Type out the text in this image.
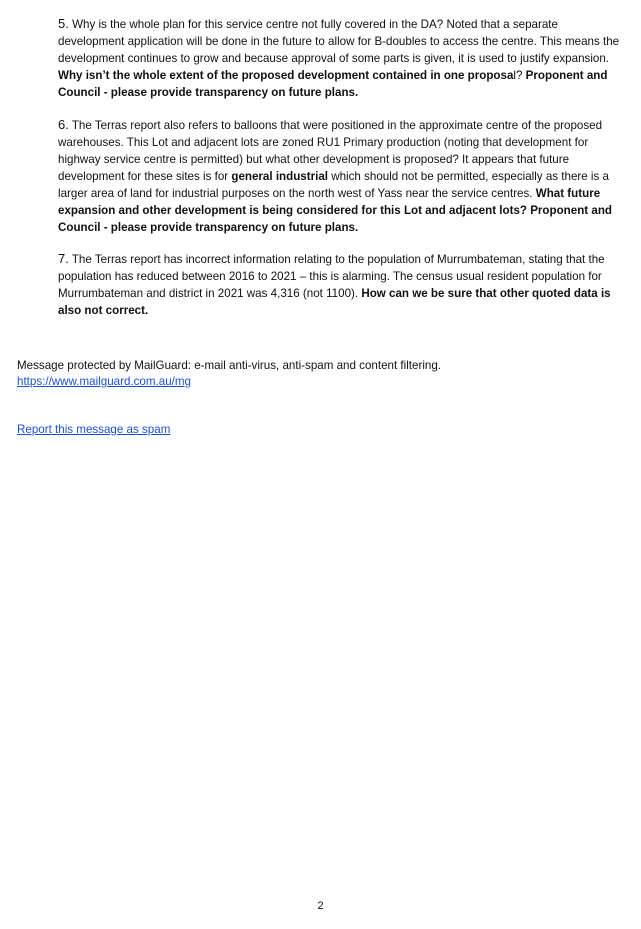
5. Why is the whole plan for this service centre not fully covered in the DA? Noted that a separate development application will be done in the future to allow for B-doubles to access the centre. This means the development continues to grow and because approval of some parts is given, it is used to justify expansion. Why isn’t the whole extent of the proposed development contained in one proposal? Proponent and Council - please provide transparency on future plans.

6. The Terras report also refers to balloons that were positioned in the approximate centre of the proposed warehouses. This Lot and adjacent lots are zoned RU1 Primary production (noting that development for highway service centre is permitted) but what other development is proposed? It appears that future development for these sites is for general industrial which should not be permitted, especially as there is a larger area of land for industrial purposes on the north west of Yass near the service centres. What future expansion and other development is being considered for this Lot and adjacent lots? Proponent and Council - please provide transparency on future plans.

7. The Terras report has incorrect information relating to the population of Murrumbateman, stating that the population has reduced between 2016 to 2021 – this is alarming. The census usual resident population for Murrumbateman and district in 2021 was 4,316 (not 1100). How can we be sure that other quoted data is also not correct.

Message protected by MailGuard: e-mail anti-virus, anti-spam and content filtering.
https://www.mailguard.com.au/mg
Report this message as spam
2
